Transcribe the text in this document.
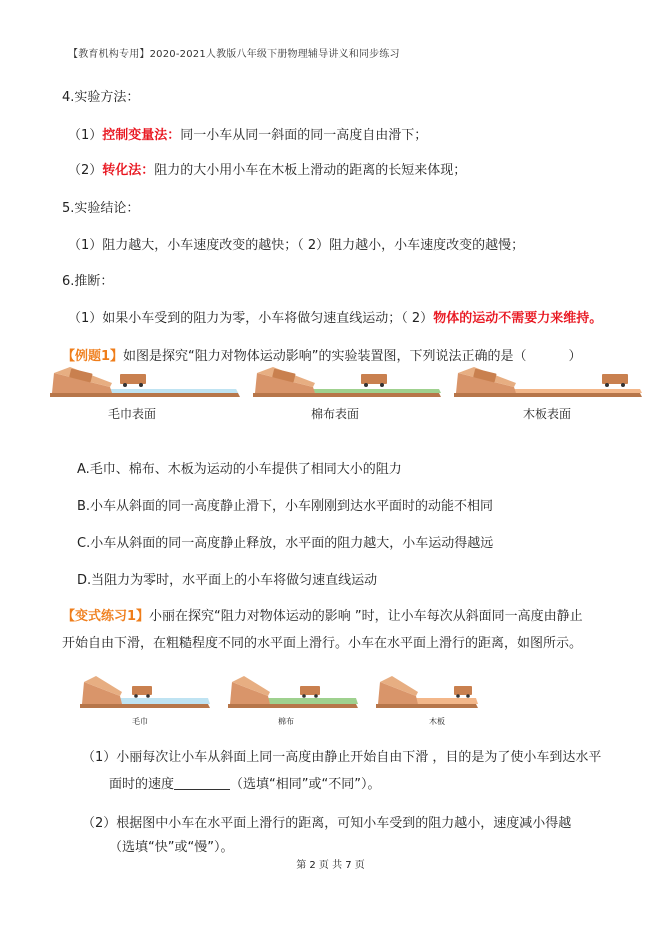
【教育机构专用】2020-2021人教版八年级下册物理辅导讲义和同步练习
4.实验方法：
（1）控制变量法：同一小车从同一斜面的同一高度自由滑下；
（2）转化法：阻力的大小用小车在木板上滑动的距离的长短来体现；
5.实验结论：
（1）阻力越大，小车速度改变的越快；（ 2）阻力越小，小车速度改变的越慢；
6.推断：
（1）如果小车受到的阻力为零，小车将做匀速直线运动；（ 2）物体的运动不需要力来维持。
【例题1】如图是探究“阻力对物体运动影响”的实验装置图，下列说法正确的是（	）
毛巾表面	棉布表面	木板表面
A.毛巾、棉布、木板为运动的小车提供了相同大小的阻力
B.小车从斜面的同一高度静止滑下，小车刚刚到达水平面时的动能不相同
C.小车从斜面的同一高度静止释放，水平面的阻力越大，小车运动得越远
D.当阻力为零时，水平面上的小车将做匀速直线运动
【变式练习1】小丽在探究“阻力对物体运动的影响 ”时，让小车每次从斜面同一高度由静止
开始自由下滑，在粗糙程度不同的水平面上滑行。小车在水平面上滑行的距离，如图所示。
毛巾	棉布	木板
（1）小丽每次让小车从斜面上同一高度由静止开始自由下滑 ，目的是为了使小车到达水平
面时的速度	（选填“相同”或“不同”）。
（2）根据图中小车在水平面上滑行的距离，可知小车受到的阻力越小，速度减小得越
（选填“快”或“慢”）。
第 2 页 共 7 页
